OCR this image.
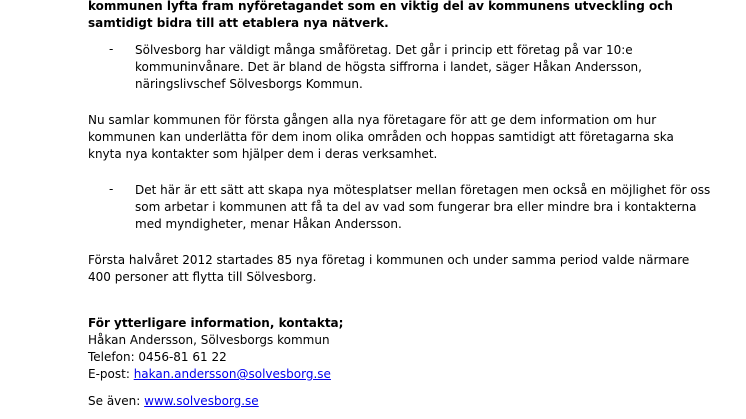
kommunen lyfta fram nyföretagandet som en viktig del av kommunens utveckling och
samtidigt bidra till att etablera nya nätverk.
- Sölvesborg har väldigt många småföretag. Det går i princip ett företag på var 10:e
kommuninvånare. Det är bland de högsta siffrorna i landet, säger Håkan Andersson,
näringslivschef Sölvesborgs Kommun.
Nu samlar kommunen för första gången alla nya företagare för att ge dem information om hur
kommunen kan underlätta för dem inom olika områden och hoppas samtidigt att företagarna ska
knyta nya kontakter som hjälper dem i deras verksamhet.
- Det här är ett sätt att skapa nya mötesplatser mellan företagen men också en möjlighet för oss
som arbetar i kommunen att få ta del av vad som fungerar bra eller mindre bra i kontakterna
med myndigheter, menar Håkan Andersson.
Första halvåret 2012 startades 85 nya företag i kommunen och under samma period valde närmare
400 personer att flytta till Sölvesborg.
För ytterligare information, kontakta;
Håkan Andersson, Sölvesborgs kommun
Telefon: 0456-81 61 22
E-post: hakan.andersson@solvesborg.se
Se även: www.solvesborg.se
